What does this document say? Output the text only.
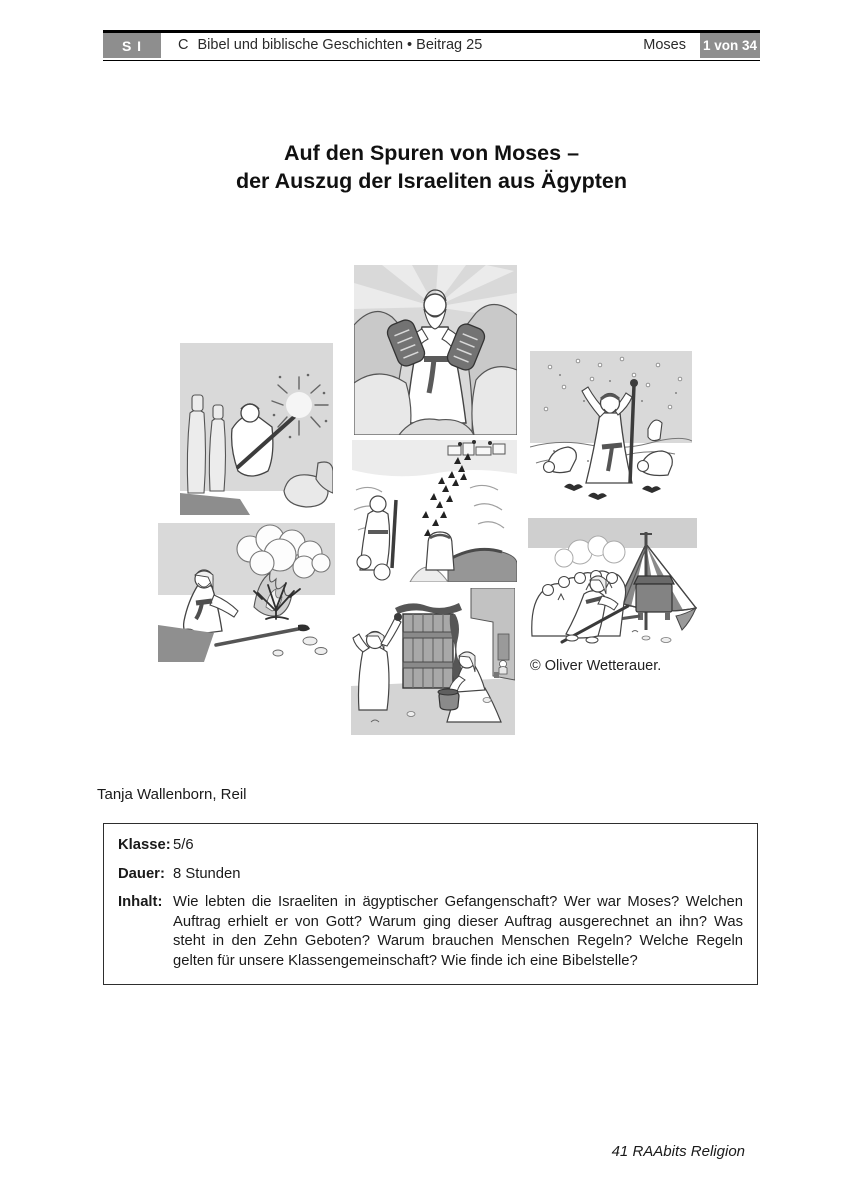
S I	C Bibel und biblische Geschichten • Beitrag 25	Moses 1 von 34
Auf den Spuren von Moses –
der Auszug der Israeliten aus Ägypten
© Oliver Wetterauer.
Tanja Wallenborn, Reil
Klasse: 5/6
Dauer: 8 Stunden
Inhalt: Wie lebten die Israeliten in ägyptischer Gefangenschaft? Wer war Moses? Welchen Auftrag erhielt er von Gott? Warum ging dieser Auftrag ausgerechnet an ihn? Was steht in den Zehn Geboten? Warum brauchen Menschen Regeln? Welche Regeln gelten für unsere Klassengemeinschaft? Wie finde ich eine Bibelstelle?
41 RAAbits Religion
